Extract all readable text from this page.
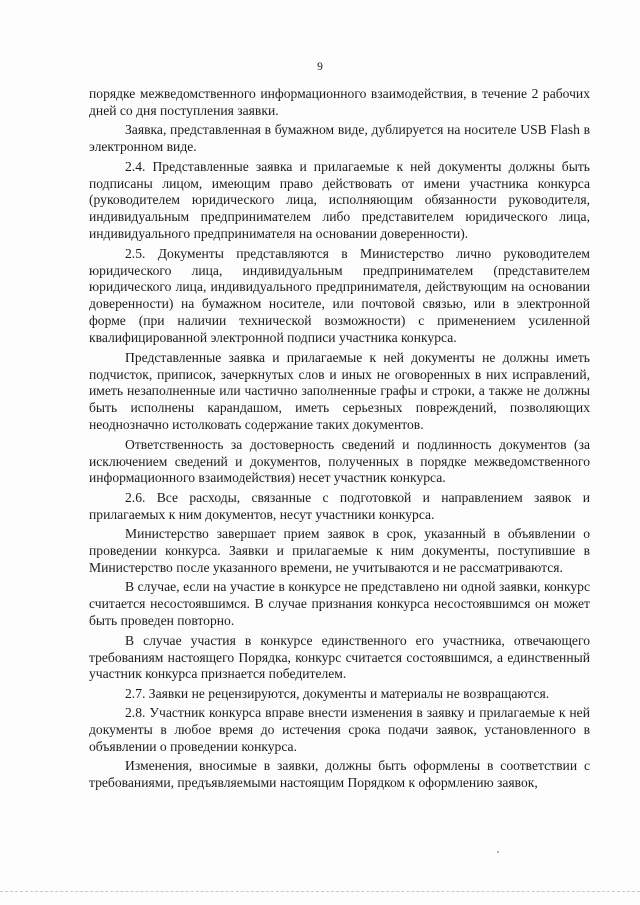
9

порядке межведомственного информационного взаимодействия, в течение 2 рабочих дней со дня поступления заявки.

Заявка, представленная в бумажном виде, дублируется на носителе USB Flash в электронном виде.

2.4. Представленные заявка и прилагаемые к ней документы должны быть подписаны лицом, имеющим право действовать от имени участника конкурса (руководителем юридического лица, исполняющим обязанности руководителя, индивидуальным предпринимателем либо представителем юридического лица, индивидуального предпринимателя на основании доверенности).

2.5. Документы представляются в Министерство лично руководителем юридического лица, индивидуальным предпринимателем (представителем юридического лица, индивидуального предпринимателя, действующим на основании доверенности) на бумажном носителе, или почтовой связью, или в электронной форме (при наличии технической возможности) с применением усиленной квалифицированной электронной подписи участника конкурса.

Представленные заявка и прилагаемые к ней документы не должны иметь подчисток, приписок, зачеркнутых слов и иных не оговоренных в них исправлений, иметь незаполненные или частично заполненные графы и строки, а также не должны быть исполнены карандашом, иметь серьезных повреждений, позволяющих неоднозначно истолковать содержание таких документов.

Ответственность за достоверность сведений и подлинность документов (за исключением сведений и документов, полученных в порядке межведомственного информационного взаимодействия) несет участник конкурса.

2.6. Все расходы, связанные с подготовкой и направлением заявок и прилагаемых к ним документов, несут участники конкурса.

Министерство завершает прием заявок в срок, указанный в объявлении о проведении конкурса. Заявки и прилагаемые к ним документы, поступившие в Министерство после указанного времени, не учитываются и не рассматриваются.

В случае, если на участие в конкурсе не представлено ни одной заявки, конкурс считается несостоявшимся. В случае признания конкурса несостоявшимся он может быть проведен повторно.

В случае участия в конкурсе единственного его участника, отвечающего требованиям настоящего Порядка, конкурс считается состоявшимся, а единственный участник конкурса признается победителем.

2.7. Заявки не рецензируются, документы и материалы не возвращаются.

2.8. Участник конкурса вправе внести изменения в заявку и прилагаемые к ней документы в любое время до истечения срока подачи заявок, установленного в объявлении о проведении конкурса.

Изменения, вносимые в заявки, должны быть оформлены в соответствии с требованиями, предъявляемыми настоящим Порядком к оформлению заявок,
